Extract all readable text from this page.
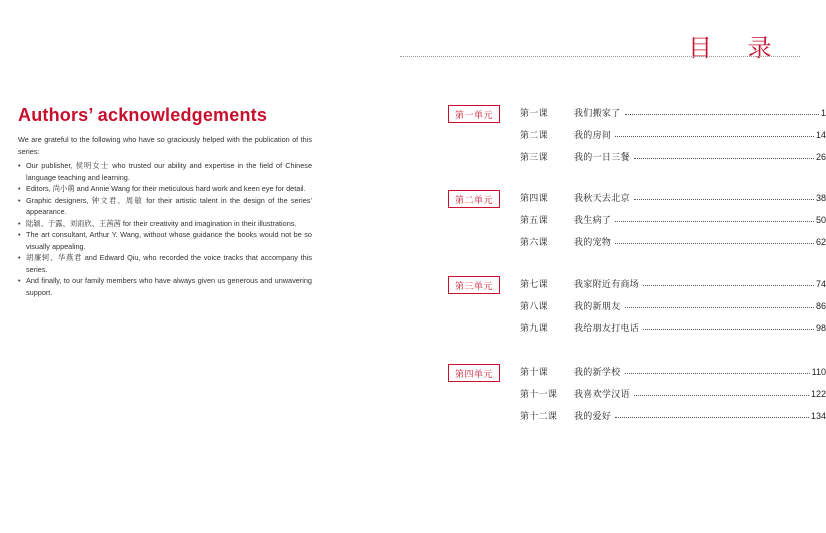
目 录
Authors’ acknowledgements

We are grateful to the following who have so graciously helped with the publication of this series:

• Our publisher, 侯明女士 who trusted our ability and expertise in the field of Chinese language teaching and learning.
• Editors, 尚小萌 and Annie Wang for their meticulous hard work and keen eye for detail.
• Graphic designers, 钟文君、周敏 for their artistic talent in the design of the series’ appearance.
• 陆颖、于露、刘雨欣、王茜茜 for their creativity and imagination in their illustrations.
• The art consultant, Arthur Y. Wang, without whose guidance the books would not be so visually appealing.
• 胡廉轲、华燕君 and Edward Qiu, who recorded the voice tracks that accompany this series.
• And finally, to our family members who have always given us generous and unwavering support.
第一单元	第一课	我们搬家了	1
第二课	我的房间	14
第三课	我的一日三餐	26
第二单元	第四课	我秋天去北京	38
第五课	我生病了	50
第六课	我的宠物	62
第三单元	第七课	我家附近有商场	74
第八课	我的新朋友	86
第九课	我给朋友打电话	98
第四单元	第十课	我的新学校	110
第十一课	我喜欢学汉语	122
第十二课	我的爱好	134
